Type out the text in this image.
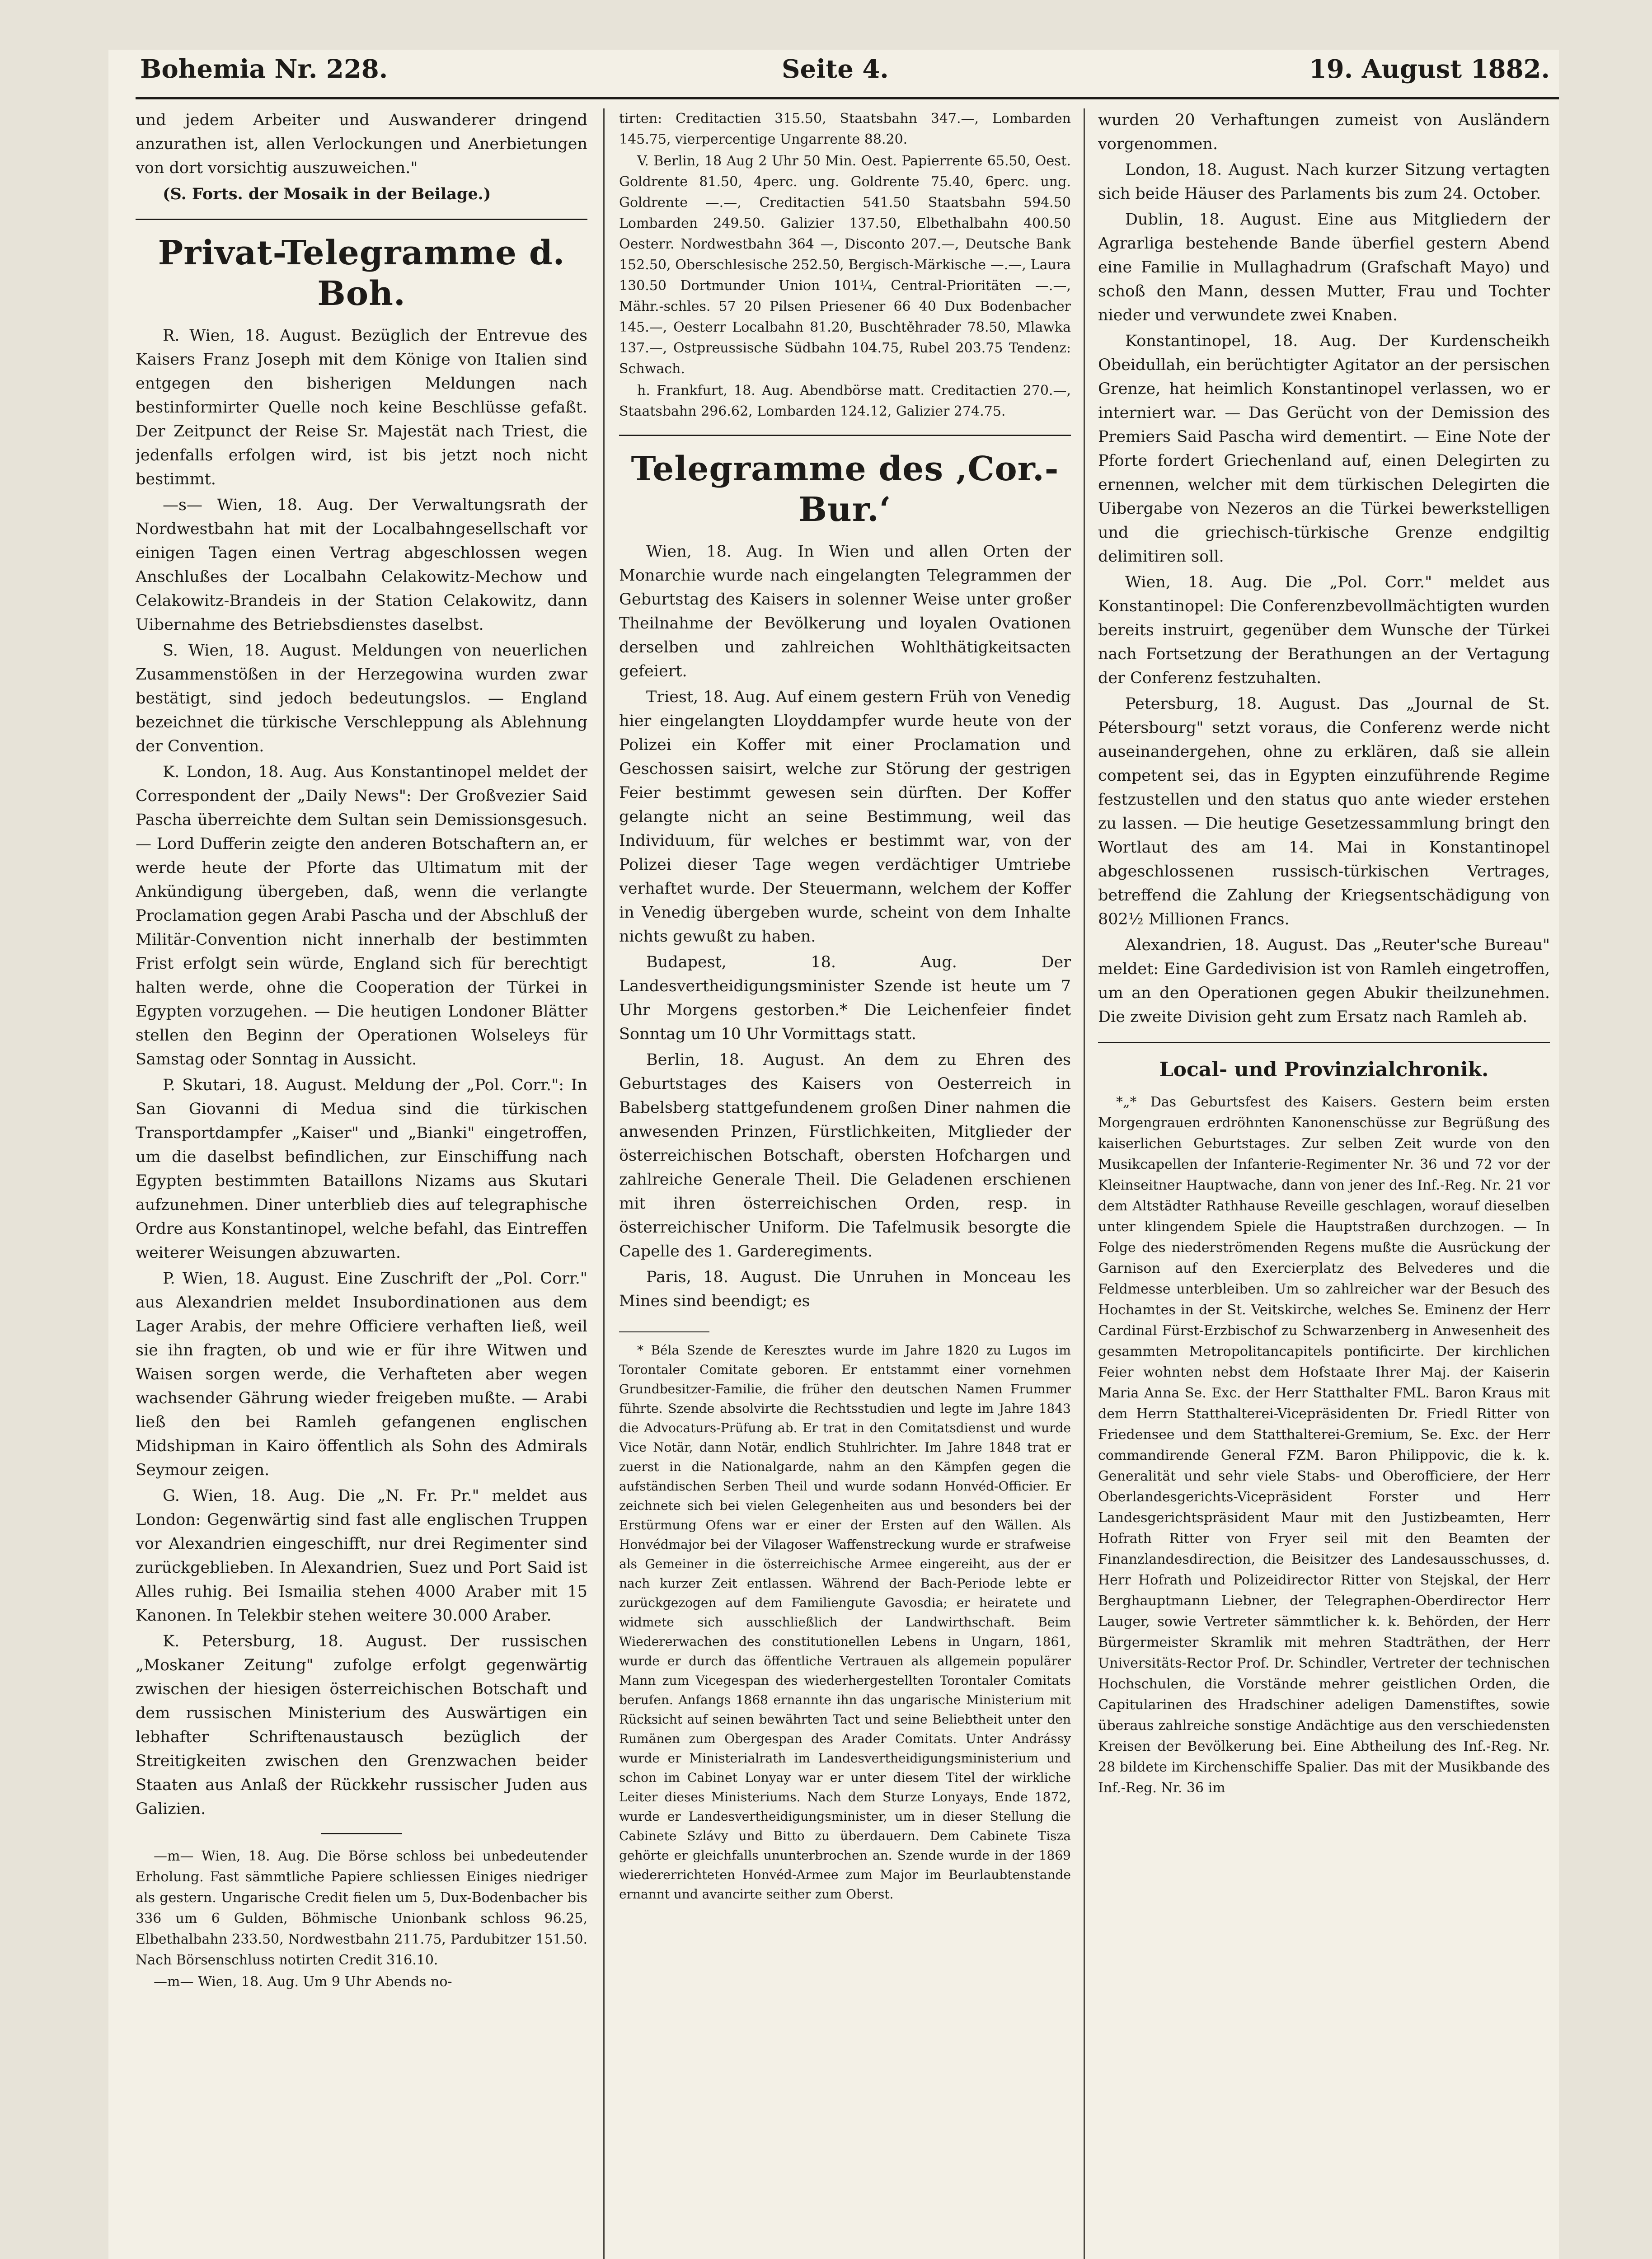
Bohemia Nr. 228.	Seite 4.	19. August 1882.

und jedem Arbeiter und Auswanderer dringend anzurathen ist, allen Verlockungen und Anerbietungen von dort vorsichtig auszuweichen."

(S. Forts. der Mosaik in der Beilage.)

Privat-Telegramme d. Boh.

R. Wien, 18. August. Bezüglich der Entrevue des Kaisers Franz Joseph mit dem Könige von Italien sind entgegen den bisherigen Meldungen nach bestinformirter Quelle noch keine Beschlüsse gefaßt. Der Zeitpunct der Reise Sr. Majestät nach Triest, die jedenfalls erfolgen wird, ist bis jetzt noch nicht bestimmt.

—s— Wien, 18. Aug. Der Verwaltungsrath der Nordwestbahn hat mit der Localbahngesellschaft vor einigen Tagen einen Vertrag abgeschlossen wegen Anschlußes der Localbahn Celakowitz-Mechow und Celakowitz-Brandeis in der Station Celakowitz, dann Uibernahme des Betriebsdienstes daselbst.

S. Wien, 18. August. Meldungen von neuerlichen Zusammenstößen in der Herzegowina wurden zwar bestätigt, sind jedoch bedeutungslos. — England bezeichnet die türkische Verschleppung als Ablehnung der Convention.

K. London, 18. Aug. Aus Konstantinopel meldet der Correspondent der „Daily News": Der Großvezier Said Pascha überreichte dem Sultan sein Demissionsgesuch. — Lord Dufferin zeigte den anderen Botschaftern an, er werde heute der Pforte das Ultimatum mit der Ankündigung übergeben, daß, wenn die verlangte Proclamation gegen Arabi Pascha und der Abschluß der Militär-Convention nicht innerhalb der bestimmten Frist erfolgt sein würde, England sich für berechtigt halten werde, ohne die Cooperation der Türkei in Egypten vorzugehen. — Die heutigen Londoner Blätter stellen den Beginn der Operationen Wolseleys für Samstag oder Sonntag in Aussicht.

P. Skutari, 18. August. Meldung der „Pol. Corr.": In San Giovanni di Medua sind die türkischen Transportdampfer „Kaiser" und „Bianki" eingetroffen, um die daselbst befindlichen, zur Einschiffung nach Egypten bestimmten Bataillons Nizams aus Skutari aufzunehmen. Diner unterblieb dies auf telegraphische Ordre aus Konstantinopel, welche befahl, das Eintreffen weiterer Weisungen abzuwarten.

P. Wien, 18. August. Eine Zuschrift der „Pol. Corr." aus Alexandrien meldet Insubordinationen aus dem Lager Arabis, der mehre Officiere verhaften ließ, weil sie ihn fragten, ob und wie er für ihre Witwen und Waisen sorgen werde, die Verhafteten aber wegen wachsender Gährung wieder freigeben mußte. — Arabi ließ den bei Ramleh gefangenen englischen Midshipman in Kairo öffentlich als Sohn des Admirals Seymour zeigen.

G. Wien, 18. Aug. Die „N. Fr. Pr." meldet aus London: Gegenwärtig sind fast alle englischen Truppen vor Alexandrien eingeschifft, nur drei Regimenter sind zurückgeblieben. In Alexandrien, Suez und Port Said ist Alles ruhig. Bei Ismailia stehen 4000 Araber mit 15 Kanonen. In Telekbir stehen weitere 30.000 Araber.

K. Petersburg, 18. August. Der russischen „Moskaner Zeitung" zufolge erfolgt gegenwärtig zwischen der hiesigen österreichischen Botschaft und dem russischen Ministerium des Auswärtigen ein lebhafter Schriftenaustausch bezüglich der Streitigkeiten zwischen den Grenzwachen beider Staaten aus Anlaß der Rückkehr russischer Juden aus Galizien.

—m— Wien, 18. Aug. Die Börse schloss bei unbedeutender Erholung. Fast sämmtliche Papiere schliessen Einiges niedriger als gestern. Ungarische Credit fielen um 5, Dux-Bodenbacher bis 336 um 6 Gulden, Böhmische Unionbank schloss 96.25, Elbethalbahn 233.50, Nordwestbahn 211.75, Pardubitzer 151.50. Nach Börsenschluss notirten Credit 316.10.

—m— Wien, 18. Aug. Um 9 Uhr Abends no-

tirten: Creditactien 315.50, Staatsbahn 347.—, Lombarden 145.75, vierpercentige Ungarrente 88.20.

V. Berlin, 18 Aug 2 Uhr 50 Min. Oest. Papierrente 65.50, Oest. Goldrente 81.50, 4perc. ung. Goldrente 75.40, 6perc. ung. Goldrente —.—, Creditactien 541.50 Staatsbahn 594.50 Lombarden 249.50. Galizier 137.50, Elbethalbahn 400.50 Oesterr. Nordwestbahn 364 —, Disconto 207.—, Deutsche Bank 152.50, Oberschlesische 252.50, Bergisch-Märkische —.—, Laura 130.50 Dortmunder Union 101¼, Central-Prioritäten —.—, Mähr.-schles. 57 20 Pilsen Priesener 66 40 Dux Bodenbacher 145.—, Oesterr Localbahn 81.20, Buschtěhrader 78.50, Mlawka 137.—, Ostpreussische Südbahn 104.75, Rubel 203.75 Tendenz: Schwach.

h. Frankfurt, 18. Aug. Abendbörse matt. Creditactien 270.—, Staatsbahn 296.62, Lombarden 124.12, Galizier 274.75.

Telegramme des ‚Cor.-Bur.‘

Wien, 18. Aug. In Wien und allen Orten der Monarchie wurde nach eingelangten Telegrammen der Geburtstag des Kaisers in solenner Weise unter großer Theilnahme der Bevölkerung und loyalen Ovationen derselben und zahlreichen Wohlthätigkeitsacten gefeiert.

Triest, 18. Aug. Auf einem gestern Früh von Venedig hier eingelangten Lloyddampfer wurde heute von der Polizei ein Koffer mit einer Proclamation und Geschossen saisirt, welche zur Störung der gestrigen Feier bestimmt gewesen sein dürften. Der Koffer gelangte nicht an seine Bestimmung, weil das Individuum, für welches er bestimmt war, von der Polizei dieser Tage wegen verdächtiger Umtriebe verhaftet wurde. Der Steuermann, welchem der Koffer in Venedig übergeben wurde, scheint von dem Inhalte nichts gewußt zu haben.

Budapest, 18. Aug. Der Landesvertheidigungsminister Szende ist heute um 7 Uhr Morgens gestorben.* Die Leichenfeier findet Sonntag um 10 Uhr Vormittags statt.

Berlin, 18. August. An dem zu Ehren des Geburtstages des Kaisers von Oesterreich in Babelsberg stattgefundenem großen Diner nahmen die anwesenden Prinzen, Fürstlichkeiten, Mitglieder der österreichischen Botschaft, obersten Hofchargen und zahlreiche Generale Theil. Die Geladenen erschienen mit ihren österreichischen Orden, resp. in österreichischer Uniform. Die Tafelmusik besorgte die Capelle des 1. Garderegiments.

Paris, 18. August. Die Unruhen in Monceau les Mines sind beendigt; es

* Béla Szende de Keresztes wurde im Jahre 1820 zu Lugos im Torontaler Comitate geboren. Er entstammt einer vornehmen Grundbesitzer-Familie, die früher den deutschen Namen Frummer führte. Szende absolvirte die Rechtsstudien und legte im Jahre 1843 die Advocaturs-Prüfung ab. Er trat in den Comitatsdienst und wurde Vice Notär, dann Notär, endlich Stuhlrichter. Im Jahre 1848 trat er zuerst in die Nationalgarde, nahm an den Kämpfen gegen die aufständischen Serben Theil und wurde sodann Honvéd-Officier. Er zeichnete sich bei vielen Gelegenheiten aus und besonders bei der Erstürmung Ofens war er einer der Ersten auf den Wällen. Als Honvédmajor bei der Vilagoser Waffenstreckung wurde er strafweise als Gemeiner in die österreichische Armee eingereiht, aus der er nach kurzer Zeit entlassen. Während der Bach-Periode lebte er zurückgezogen auf dem Familiengute Gavosdia; er heiratete und widmete sich ausschließlich der Landwirthschaft. Beim Wiedererwachen des constitutionellen Lebens in Ungarn, 1861, wurde er durch das öffentliche Vertrauen als allgemein populärer Mann zum Vicegespan des wiederhergestellten Torontaler Comitats berufen. Anfangs 1868 ernannte ihn das ungarische Ministerium mit Rücksicht auf seinen bewährten Tact und seine Beliebtheit unter den Rumänen zum Obergespan des Arader Comitats. Unter Andrássy wurde er Ministerialrath im Landesvertheidigungsministerium und schon im Cabinet Lonyay war er unter diesem Titel der wirkliche Leiter dieses Ministeriums. Nach dem Sturze Lonyays, Ende 1872, wurde er Landesvertheidigungsminister, um in dieser Stellung die Cabinete Szlávy und Bitto zu überdauern. Dem Cabinete Tisza gehörte er gleichfalls ununterbrochen an. Szende wurde in der 1869 wiedererrichteten Honvéd-Armee zum Major im Beurlaubtenstande ernannt und avancirte seither zum Oberst.

wurden 20 Verhaftungen zumeist von Ausländern vorgenommen.

London, 18. August. Nach kurzer Sitzung vertagten sich beide Häuser des Parlaments bis zum 24. October.

Dublin, 18. August. Eine aus Mitgliedern der Agrarliga bestehende Bande überfiel gestern Abend eine Familie in Mullaghadrum (Grafschaft Mayo) und schoß den Mann, dessen Mutter, Frau und Tochter nieder und verwundete zwei Knaben.

Konstantinopel, 18. Aug. Der Kurdenscheikh Obeidullah, ein berüchtigter Agitator an der persischen Grenze, hat heimlich Konstantinopel verlassen, wo er interniert war. — Das Gerücht von der Demission des Premiers Said Pascha wird dementirt. — Eine Note der Pforte fordert Griechenland auf, einen Delegirten zu ernennen, welcher mit dem türkischen Delegirten die Uibergabe von Nezeros an die Türkei bewerkstelligen und die griechisch-türkische Grenze endgiltig delimitiren soll.

Wien, 18. Aug. Die „Pol. Corr." meldet aus Konstantinopel: Die Conferenzbevollmächtigten wurden bereits instruirt, gegenüber dem Wunsche der Türkei nach Fortsetzung der Berathungen an der Vertagung der Conferenz festzuhalten.

Petersburg, 18. August. Das „Journal de St. Pétersbourg" setzt voraus, die Conferenz werde nicht auseinandergehen, ohne zu erklären, daß sie allein competent sei, das in Egypten einzuführende Regime festzustellen und den status quo ante wieder erstehen zu lassen. — Die heutige Gesetzessammlung bringt den Wortlaut des am 14. Mai in Konstantinopel abgeschlossenen russisch-türkischen Vertrages, betreffend die Zahlung der Kriegsentschädigung von 802½ Millionen Francs.

Alexandrien, 18. August. Das „Reuter'sche Bureau" meldet: Eine Gardedivision ist von Ramleh eingetroffen, um an den Operationen gegen Abukir theilzunehmen. Die zweite Division geht zum Ersatz nach Ramleh ab.

Local- und Provinzialchronik.

*„* Das Geburtsfest des Kaisers. Gestern beim ersten Morgengrauen erdröhnten Kanonenschüsse zur Begrüßung des kaiserlichen Geburtstages. Zur selben Zeit wurde von den Musikcapellen der Infanterie-Regimenter Nr. 36 und 72 vor der Kleinseitner Hauptwache, dann von jener des Inf.-Reg. Nr. 21 vor dem Altstädter Rathhause Reveille geschlagen, worauf dieselben unter klingendem Spiele die Hauptstraßen durchzogen. — In Folge des niederströmenden Regens mußte die Ausrückung der Garnison auf den Exercierplatz des Belvederes und die Feldmesse unterbleiben. Um so zahlreicher war der Besuch des Hochamtes in der St. Veitskirche, welches Se. Eminenz der Herr Cardinal Fürst-Erzbischof zu Schwarzenberg in Anwesenheit des gesammten Metropolitancapitels pontificirte. Der kirchlichen Feier wohnten nebst dem Hofstaate Ihrer Maj. der Kaiserin Maria Anna Se. Exc. der Herr Statthalter FML. Baron Kraus mit dem Herrn Statthalterei-Vicepräsidenten Dr. Friedl Ritter von Friedensee und dem Statthalterei-Gremium, Se. Exc. der Herr commandirende General FZM. Baron Philippovic, die k. k. Generalität und sehr viele Stabs- und Oberofficiere, der Herr Oberlandesgerichts-Vicepräsident Forster und Herr Landesgerichtspräsident Maur mit den Justizbeamten, Herr Hofrath Ritter von Fryer seil mit den Beamten der Finanzlandesdirection, die Beisitzer des Landesausschusses, d. Herr Hofrath und Polizeidirector Ritter von Stejskal, der Herr Berghauptmann Liebner, der Telegraphen-Oberdirector Herr Lauger, sowie Vertreter sämmtlicher k. k. Behörden, der Herr Bürgermeister Skramlik mit mehren Stadträthen, der Herr Universitäts-Rector Prof. Dr. Schindler, Vertreter der technischen Hochschulen, die Vorstände mehrer geistlichen Orden, die Capitularinen des Hradschiner adeligen Damenstiftes, sowie überaus zahlreiche sonstige Andächtige aus den verschiedensten Kreisen der Bevölkerung bei. Eine Abtheilung des Inf.-Reg. Nr. 28 bildete im Kirchenschiffe Spalier. Das mit der Musikbande des Inf.-Reg. Nr. 36 im
